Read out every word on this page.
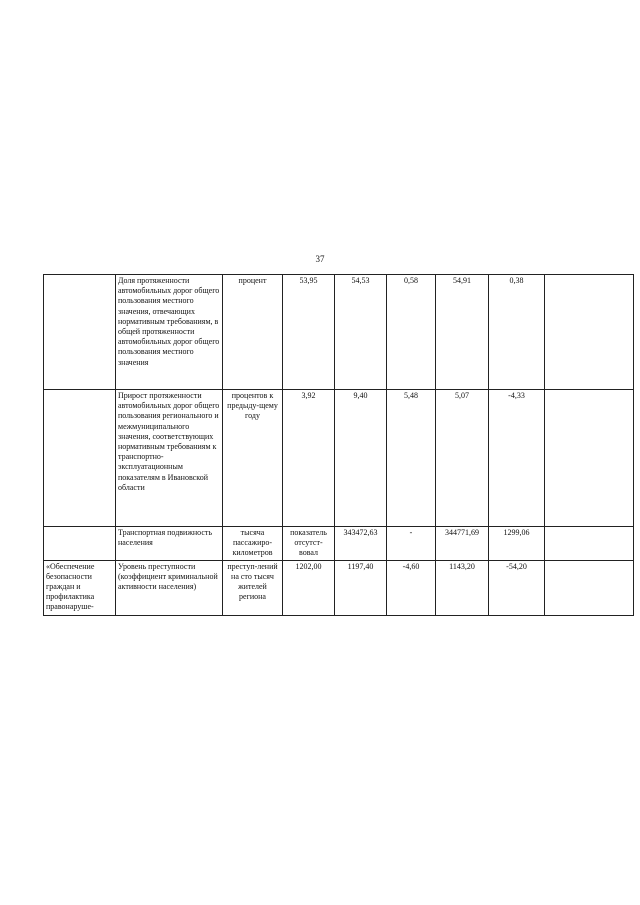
37
	Доля протяженности автомобильных дорог общего пользования местного значения, отвечающих нормативным требованиям, в общей протяженности автомобильных дорог общего пользования местного значения	процент	53,95	54,53	0,58	54,91	0,38	
	Прирост протяженности автомобильных дорог общего пользования регионального и межмуниципального значения, соответствующих нормативным требованиям к транспортно-эксплуатационным показателям в Ивановской области	процентов к предыду-щему году	3,92	9,40	5,48	5,07	-4,33	
	Транспортная подвижность населения	тысяча пассажиро-километров	показатель отсутст-вовал	343472,63	-	344771,69	1299,06	
«Обеспечение безопасности граждан и профилактика правонаруше-	Уровень преступности (коэффициент криминальной активности населения)	преступ-лений на сто тысяч жителей региона	1202,00	1197,40	-4,60	1143,20	-54,20	
